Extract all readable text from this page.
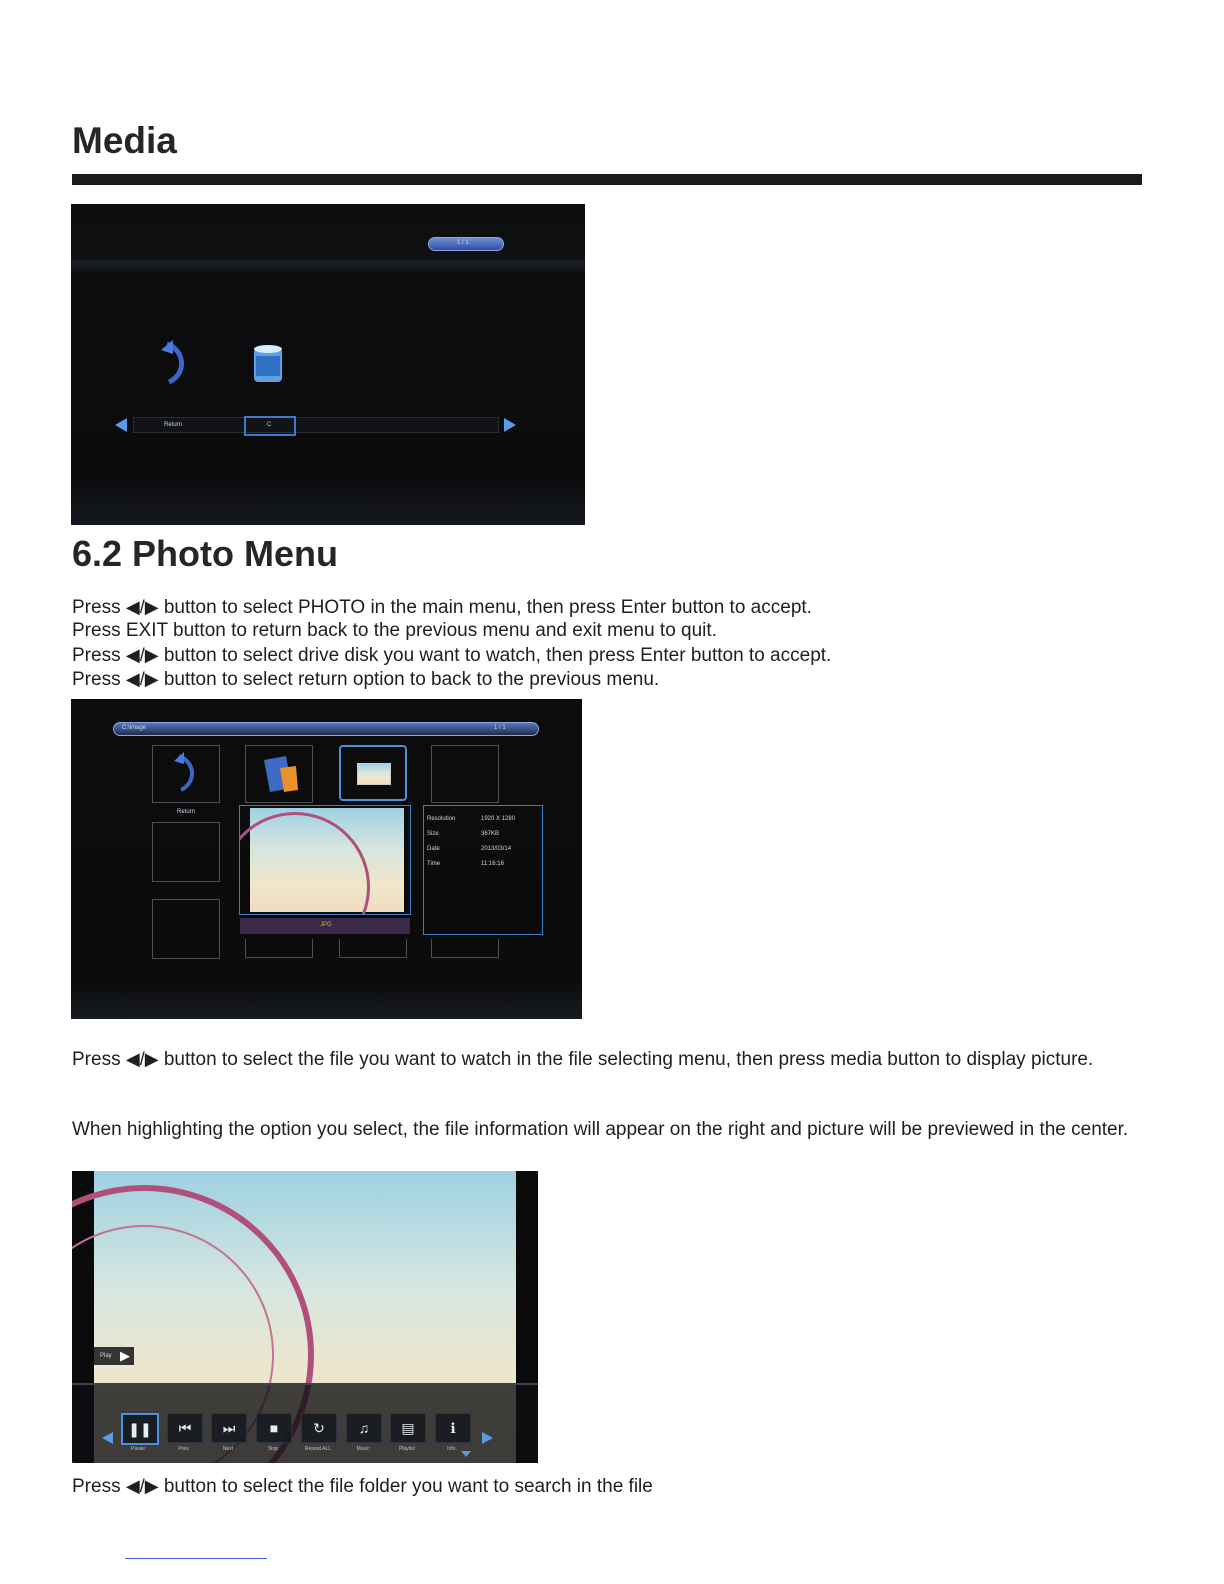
Media
1 / 1
Return	C
6.2 Photo Menu
Press ◀/▶ button to select PHOTO in the main menu, then press Enter button to accept.
Press EXIT button to return back to the previous menu and exit menu to quit.
Press ◀/▶ button to select drive disk you want to watch, then press Enter button to accept.
Press ◀/▶ button to select return option to back to the previous menu.
C:\image	1 / 1
Return
JPG
Resolution	1920 X 1280
Size	367KB
Date	2013/03/14
Time	11:16:16
Press ◀/▶ button to select the file you want to watch in the file selecting menu, then press media button to display picture.
When highlighting the option you select, the file information will appear on the right and picture will be previewed in the center.
Play ▶
❚❚
Pause
⏮
Prev.
⏭
Next
■
Stop
↻
Repeat ALL
♫
Music
▤
Playlist
ℹ
Info.
Press ◀/▶ button to select the file folder you want to search in the file
